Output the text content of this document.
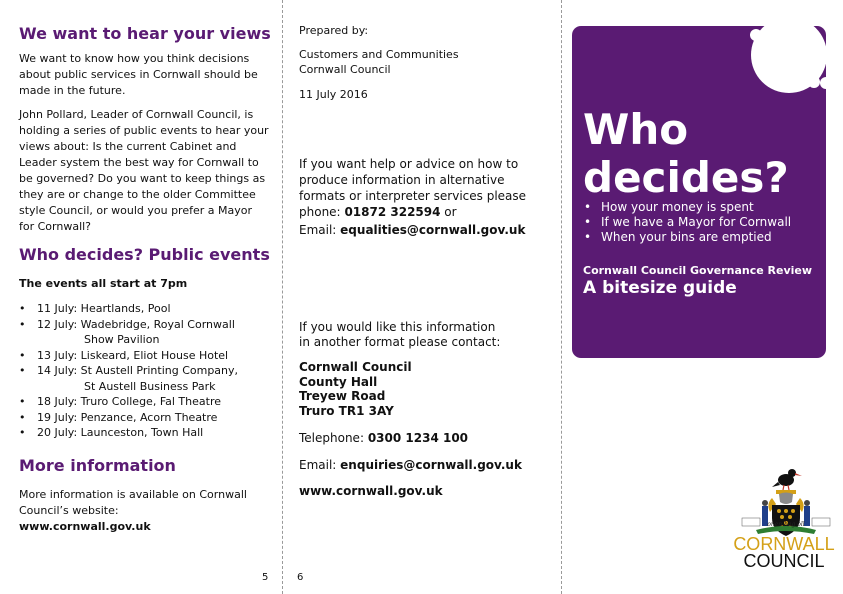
We want to hear your views

We want to know how you think decisions about public services in Cornwall should be made in the future.

John Pollard, Leader of Cornwall Council, is holding a series of public events to hear your views about: Is the current Cabinet and Leader system the best way for Cornwall to be governed? Do you want to keep things as they are or change to the older Committee style Council, or would you prefer a Mayor for Cornwall?

Who decides? Public events

The events all start at 7pm

• 11 July: Heartlands, Pool
• 12 July: Wadebridge, Royal Cornwall
Show Pavilion
• 13 July: Liskeard, Eliot House Hotel
• 14 July: St Austell Printing Company,
St Austell Business Park
• 18 July: Truro College, Fal Theatre
• 19 July: Penzance, Acorn Theatre
• 20 July: Launceston, Town Hall
More information

More information is available on Cornwall Council’s website:

www.cornwall.gov.uk

5

Prepared by:

Customers and Communities

Cornwall Council

11 July 2016

If you want help or advice on how to produce information in alternative formats or interpreter services please phone: 01872 322594 or

Email: equalities@cornwall.gov.uk

If you would like this information

in another format please contact:

Cornwall Council

County Hall

Treyew Road

Truro TR1 3AY

Telephone: 0300 1234 100

Email: enquiries@cornwall.gov.uk

www.cornwall.gov.uk

6
Who
decides?
• How your money is spent
• If we have a Mayor for Cornwall
• When your bins are emptied
Cornwall Council Governance Review
A bitesize guide
onen hag oll
CORNWALL
COUNCIL
